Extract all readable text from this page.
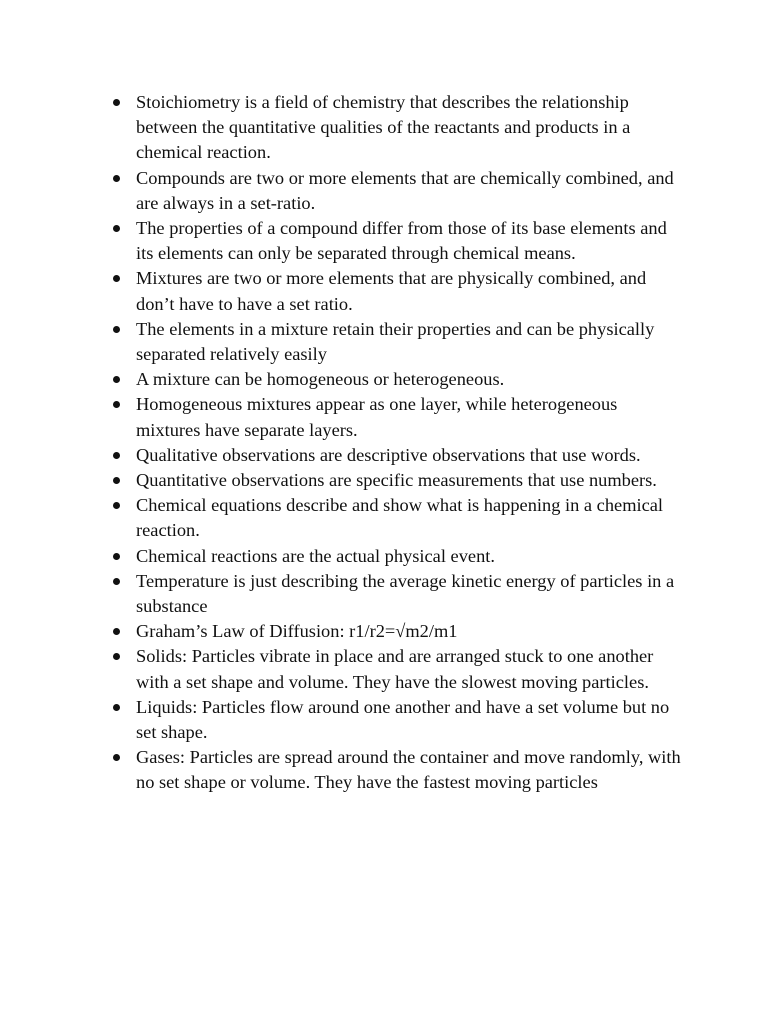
Stoichiometry is a field of chemistry that describes the relationship between the quantitative qualities of the reactants and products in a chemical reaction.
Compounds are two or more elements that are chemically combined, and are always in a set-ratio.
The properties of a compound differ from those of its base elements and its elements can only be separated through chemical means.
Mixtures are two or more elements that are physically combined, and don’t have to have a set ratio.
The elements in a mixture retain their properties and can be physically separated relatively easily
A mixture can be homogeneous or heterogeneous.
Homogeneous mixtures appear as one layer, while heterogeneous mixtures have separate layers.
Qualitative observations are descriptive observations that use words.
Quantitative observations are specific measurements that use numbers.
Chemical equations describe and show what is happening in a chemical reaction.
Chemical reactions are the actual physical event.
Temperature is just describing the average kinetic energy of particles in a substance
Graham’s Law of Diffusion: r1/r2=√m2/m1
Solids: Particles vibrate in place and are arranged stuck to one another with a set shape and volume. They have the slowest moving particles.
Liquids: Particles flow around one another and have a set volume but no set shape.
Gases: Particles are spread around the container and move randomly, with no set shape or volume. They have the fastest moving particles
